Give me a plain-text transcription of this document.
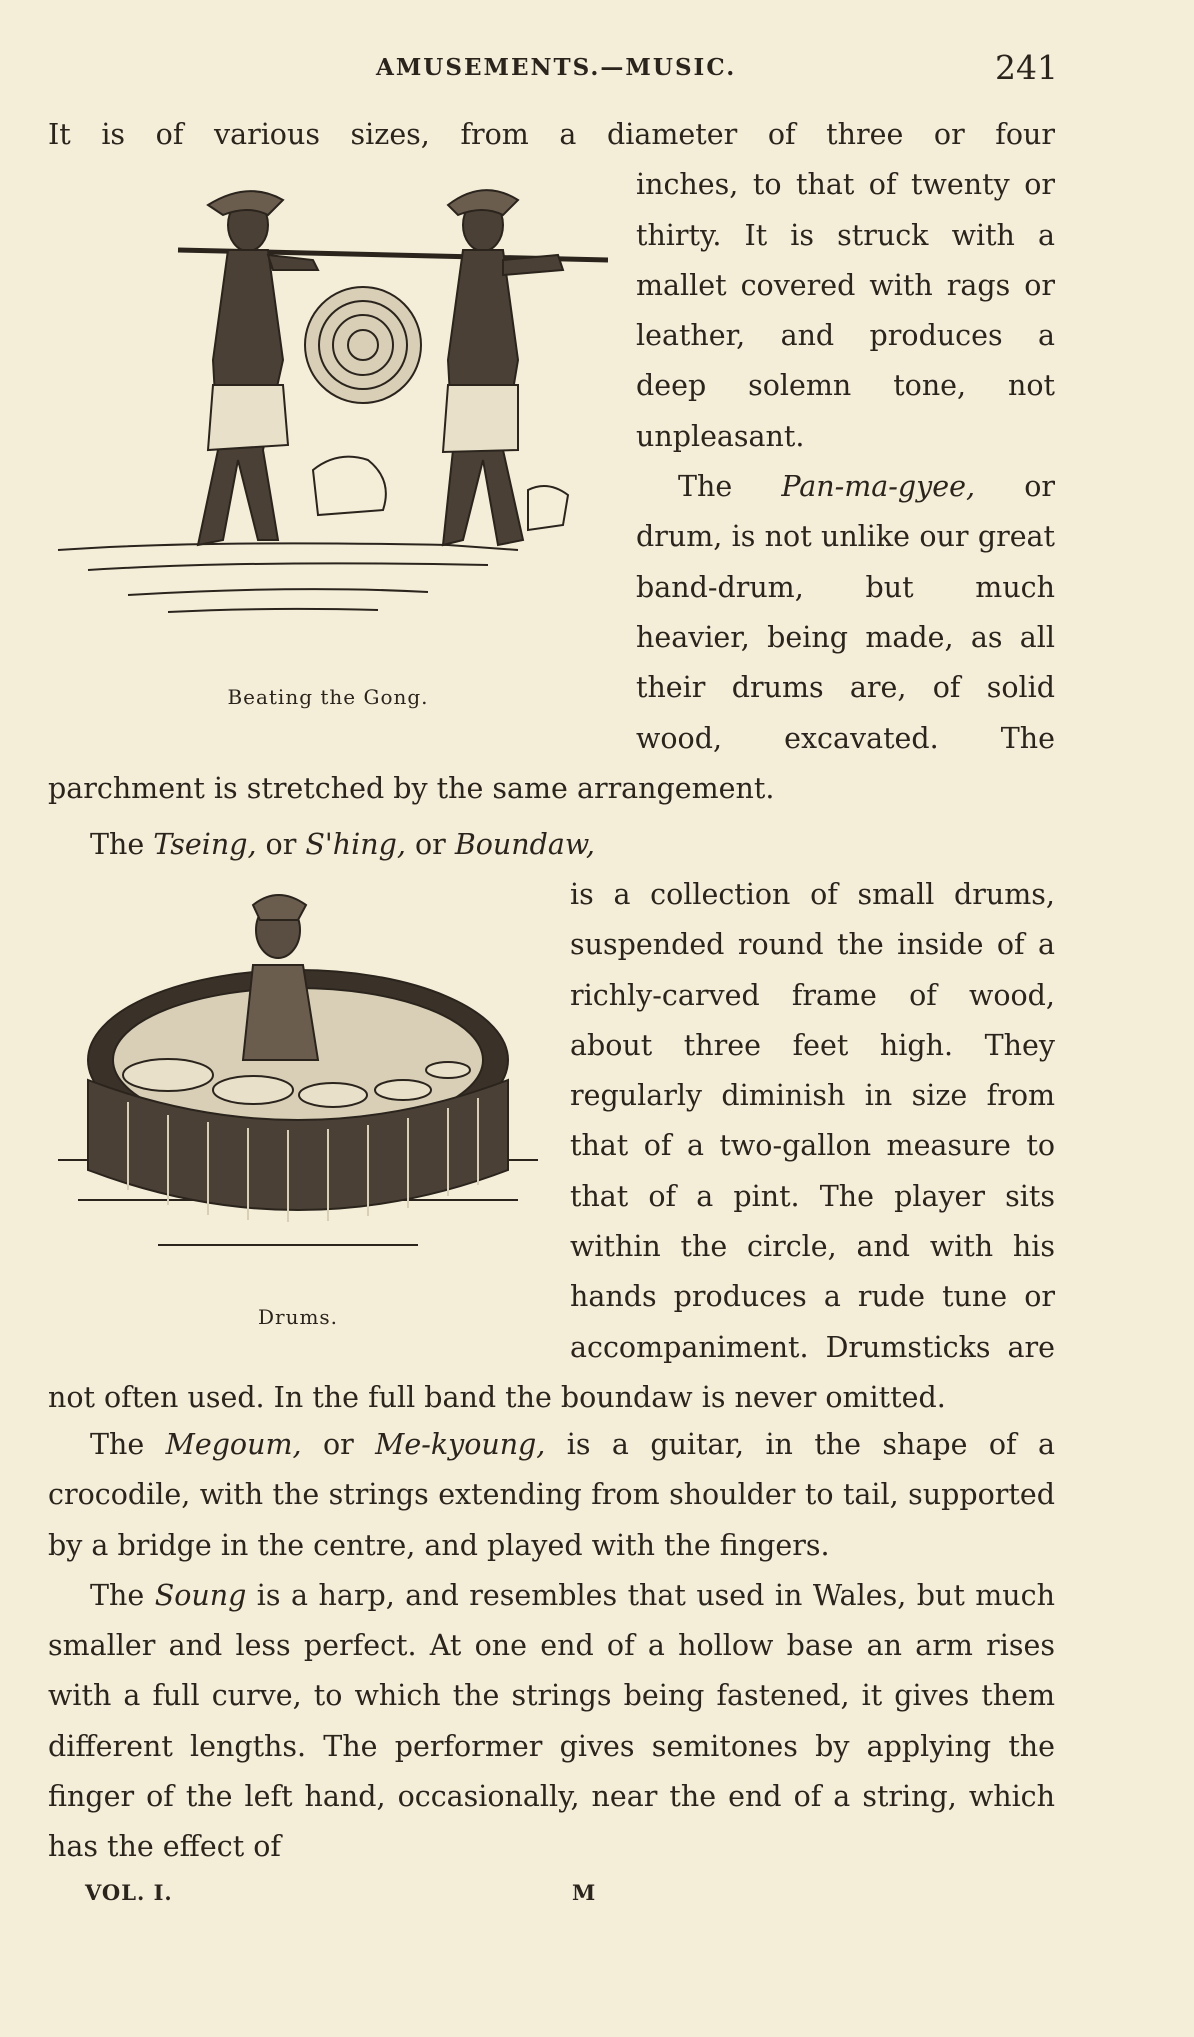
AMUSEMENTS.—MUSIC.	241

It is of various sizes, from a diameter of three or four

Beating the Gong.

inches, to that of twenty or thirty. It is struck with a mallet covered with rags or leather, and produces a deep solemn tone, not unpleasant.

The Pan-ma-gyee, or drum, is not unlike our great band-drum, but much heavier, being made, as all their drums are, of solid wood, excavated. The parchment is stretched by the same arrangement.

The Tseing, or S'hing, or Boundaw,

Drums.

is a collection of small drums, suspended round the inside of a richly-carved frame of wood, about three feet high. They regularly diminish in size from that of a two-gallon measure to that of a pint. The player sits within the circle, and with his hands produces a rude tune or accompaniment. Drumsticks are not often used. In the full band the boundaw is never omitted.

The Megoum, or Me-kyoung, is a guitar, in the shape of a crocodile, with the strings extending from shoulder to tail, supported by a bridge in the centre, and played with the fingers.

The Soung is a harp, and resembles that used in Wales, but much smaller and less perfect. At one end of a hollow base an arm rises with a full curve, to which the strings being fastened, it gives them different lengths. The performer gives semitones by applying the finger of the left hand, occasionally, near the end of a string, which has the effect of

VOL. I.	M
